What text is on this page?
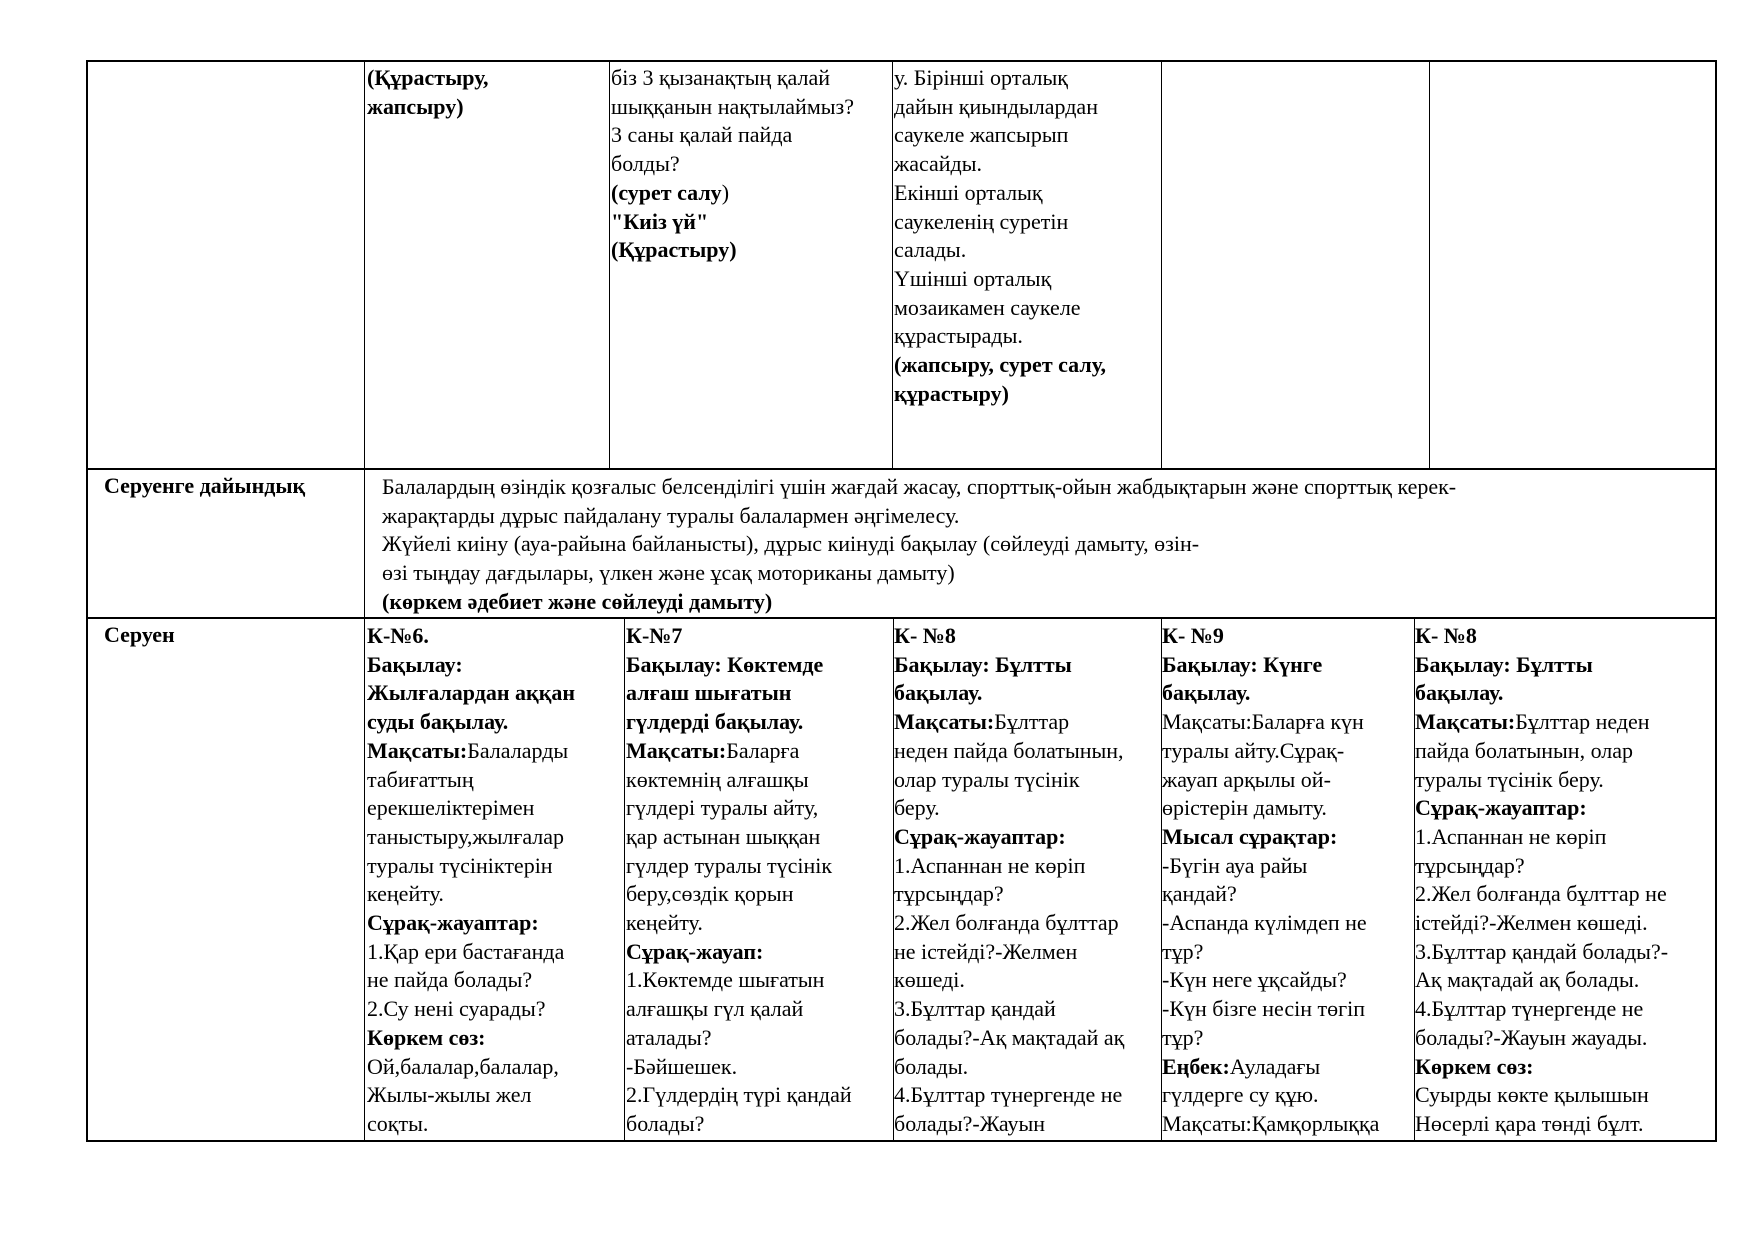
(Құрастыру,
жапсыру)
біз 3 қызанақтың қалай
шыққанын нақтылаймыз?
3 саны қалай пайда
болды?
(сурет салу)
"Киіз үй"
(Құрастыру)
у. Бірінші орталық
дайын қиындылардан
саукеле жапсырып
жасайды.
Екінші орталық
саукеленің суретін
салады.
Үшінші орталық
мозаикамен саукеле
құрастырады.
(жапсыру, сурет салу,
құрастыру)
Серуенге дайындық	Балалардың өзіндік қозғалыс белсенділігі үшін жағдай жасау, спорттық-ойын жабдықтарын және спорттық керек-
жарақтарды дұрыс пайдалану туралы балалармен әңгімелесу.
Жүйелі киіну (ауа-райына байланысты), дұрыс киінуді бақылау (сөйлеуді дамыту, өзін-
өзі тыңдау дағдылары, үлкен және ұсақ моториканы дамыту)
(көркем әдебиет және сөйлеуді дамыту)
Серуен	К-№6.
Бақылау:
Жылғалардан аққан
суды бақылау.
Мақсаты:Балаларды
табиғаттың
ерекшеліктерімен
таныстыру,жылғалар
туралы түсініктерін
кеңейту.
Сұрақ-жауаптар:
1.Қар ери бастағанда
не пайда болады?
2.Су нені суарады?
Көркем сөз:
Ой,балалар,балалар,
Жылы-жылы жел
соқты.
К-№7
Бақылау: Көктемде
алғаш шығатын
гүлдерді бақылау.
Мақсаты:Баларға
көктемнің алғашқы
гүлдері туралы айту,
қар астынан шыққан
гүлдер туралы түсінік
беру,сөздік қорын
кеңейту.
Сұрақ-жауап:
1.Көктемде шығатын
алғашқы гүл қалай
аталады?
-Бәйшешек.
2.Гүлдердің түрі қандай
болады?
К- №8
Бақылау: Бұлтты
бақылау.
Мақсаты:Бұлттар
неден пайда болатынын,
олар туралы түсінік
беру.
Сұрақ-жауаптар:
1.Аспаннан не көріп
тұрсыңдар?
2.Жел болғанда бұлттар
не істейді?-Желмен
көшеді.
3.Бұлттар қандай
болады?-Ақ мақтадай ақ
болады.
4.Бұлттар түнергенде не
болады?-Жауын
К- №9
Бақылау: Күнге
бақылау.
Мақсаты:Баларға күн
туралы айту.Сұрақ-
жауап арқылы ой-
өрістерін дамыту.
Мысал сұрақтар:
-Бүгін ауа райы
қандай?
-Аспанда күлімдеп не
тұр?
-Күн неге ұқсайды?
-Күн бізге несін төгіп
тұр?
Еңбек:Ауладағы
гүлдерге су құю.
Мақсаты:Қамқорлыққа
К- №8
Бақылау: Бұлтты
бақылау.
Мақсаты:Бұлттар неден
пайда болатынын, олар
туралы түсінік беру.
Сұрақ-жауаптар:
1.Аспаннан не көріп
тұрсыңдар?
2.Жел болғанда бұлттар не
істейді?-Желмен көшеді.
3.Бұлттар қандай болады?-
Ақ мақтадай ақ болады.
4.Бұлттар түнергенде не
болады?-Жауын жауады.
Көркем сөз:
Суырды көкте қылышын
Нөсерлі қара төнді бұлт.
